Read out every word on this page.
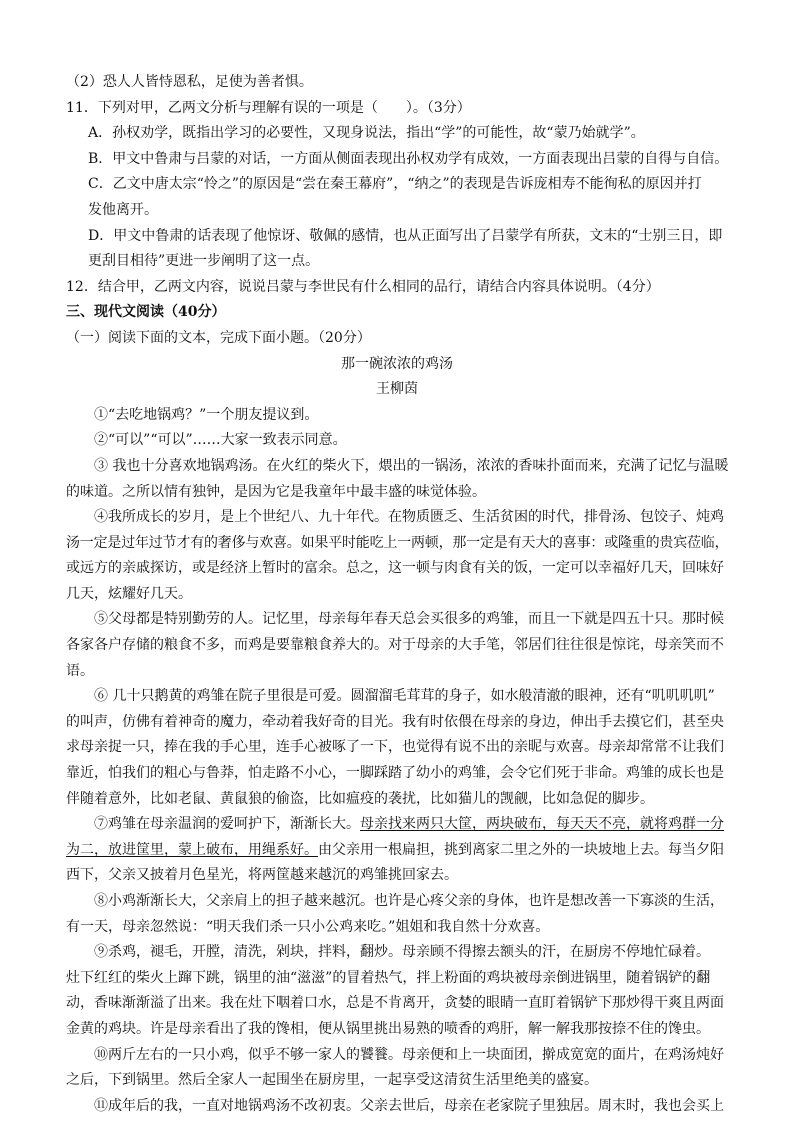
（2）恐人人皆恃恩私，足使为善者惧。

11．下列对甲，乙两文分析与理解有误的一项是（　　）。（3分）

A．孙权劝学，既指出学习的必要性，又现身说法，指出“学”的可能性，故“蒙乃始就学”。

B．甲文中鲁肃与吕蒙的对话，一方面从侧面表现出孙权劝学有成效，一方面表现出吕蒙的自得与自信。

C．乙文中唐太宗“怜之”的原因是“尝在秦王幕府”，“纳之”的表现是告诉庞相寿不能徇私的原因并打

发他离开。

D．甲文中鲁肃的话表现了他惊讶、敬佩的感情，也从正面写出了吕蒙学有所获，文末的“士别三日，即

更刮目相待”更进一步阐明了这一点。

12．结合甲，乙两文内容，说说吕蒙与李世民有什么相同的品行，请结合内容具体说明。（4分）

三、现代文阅读（40分）

（一）阅读下面的文本，完成下面小题。（20分）

那一碗浓浓的鸡汤

王柳茵

①“去吃地锅鸡？”一个朋友提议到。

②“可以”“可以”……大家一致表示同意。

③ 我也十分喜欢地锅鸡汤。在火红的柴火下，煨出的一锅汤，浓浓的香味扑面而来，充满了记忆与温暖

的味道。之所以情有独钟，是因为它是我童年中最丰盛的味觉体验。

④我所成长的岁月，是上个世纪八、九十年代。在物质匮乏、生活贫困的时代，排骨汤、包饺子、炖鸡

汤一定是过年过节才有的奢侈与欢喜。如果平时能吃上一两顿，那一定是有天大的喜事：或隆重的贵宾莅临，

或远方的亲戚探访，或是经济上暂时的富余。总之，这一顿与肉食有关的饭，一定可以幸福好几天，回味好

几天，炫耀好几天。

⑤父母都是特别勤劳的人。记忆里，母亲每年春天总会买很多的鸡雏，而且一下就是四五十只。那时候

各家各户存储的粮食不多，而鸡是要靠粮食养大的。对于母亲的大手笔，邻居们往往很是惊诧，母亲笑而不

语。

⑥ 几十只鹅黄的鸡雏在院子里很是可爱。圆溜溜毛茸茸的身子，如水般清澈的眼神，还有“叽叽叽叽”

的叫声，仿佛有着神奇的魔力，牵动着我好奇的目光。我有时依偎在母亲的身边，伸出手去摸它们，甚至央

求母亲捉一只，捧在我的手心里，连手心被啄了一下，也觉得有说不出的亲昵与欢喜。母亲却常常不让我们

靠近，怕我们的粗心与鲁莽，怕走路不小心，一脚踩踏了幼小的鸡雏，会令它们死于非命。鸡雏的成长也是

伴随着意外，比如老鼠、黄鼠狼的偷盗，比如瘟疫的袭扰，比如猫儿的觊觎，比如急促的脚步。

⑦鸡雏在母亲温润的爱呵护下，渐渐长大。母亲找来两只大筐，两块破布，每天天不亮，就将鸡群一分

为二，放进筐里，蒙上破布，用绳系好。由父亲用一根扁担，挑到离家二里之外的一块坡地上去。每当夕阳

西下，父亲又披着月色星光，将两筐越来越沉的鸡雏挑回家去。

⑧小鸡渐渐长大，父亲肩上的担子越来越沉。也许是心疼父亲的身体，也许是想改善一下寡淡的生活，

有一天，母亲忽然说：“明天我们杀一只小公鸡来吃。”姐姐和我自然十分欢喜。

⑨杀鸡，褪毛，开膛，清洗，剁块，拌料，翻炒。母亲顾不得擦去额头的汗，在厨房不停地忙碌着。

灶下红红的柴火上蹿下跳，锅里的油“滋滋”的冒着热气，拌上粉面的鸡块被母亲倒进锅里，随着锅铲的翻

动，香味渐渐溢了出来。我在灶下咽着口水，总是不肯离开，贪婪的眼睛一直盯着锅铲下那炒得干爽且两面

金黄的鸡块。许是母亲看出了我的馋相，便从锅里挑出易熟的喷香的鸡肝，解一解我那按捺不住的馋虫。

⑩两斤左右的一只小鸡，似乎不够一家人的饕餮。母亲便和上一块面团，擀成宽宽的面片，在鸡汤炖好

之后，下到锅里。然后全家人一起围坐在厨房里，一起享受这清贫生活里绝美的盛宴。

⑪成年后的我，一直对地锅鸡汤不改初衷。父亲去世后，母亲在老家院子里独居。周末时，我也会买上
